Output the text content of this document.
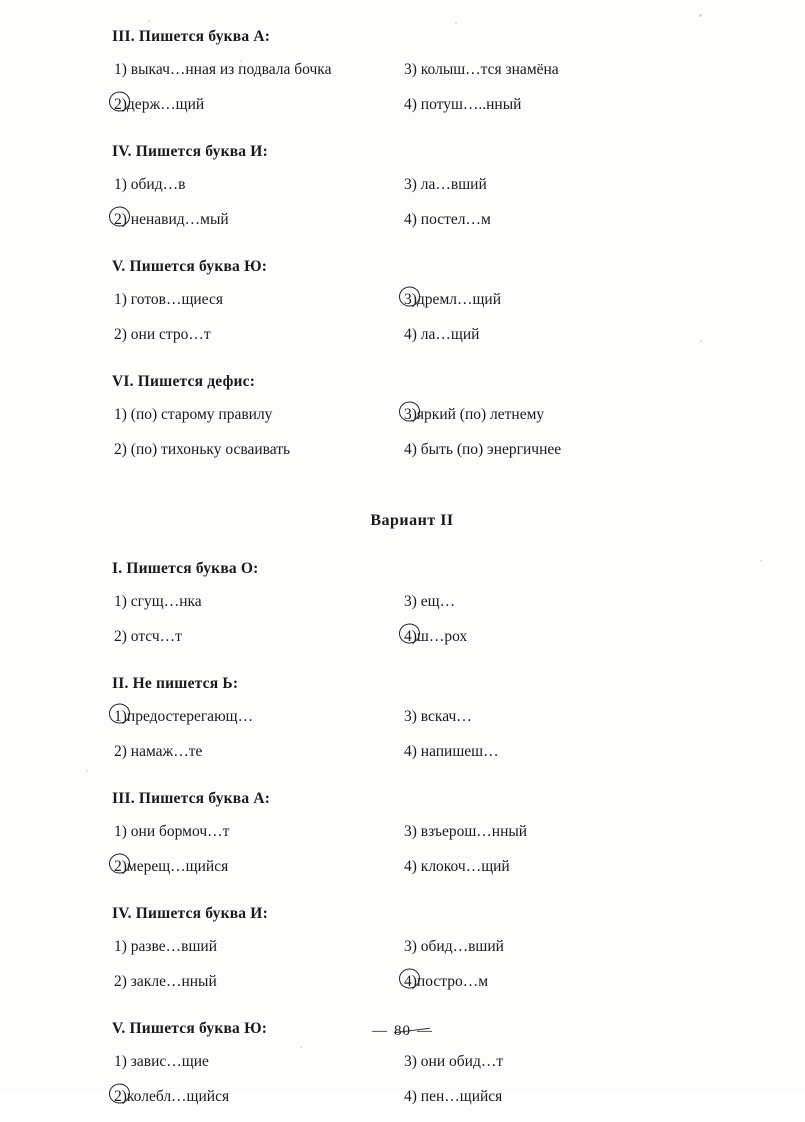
III. Пишется буква А:
1) выкач…нная из подвала бочка	3) колыш…тся знамёна
2)держ…щий	4) потуш…..нный
IV. Пишется буква И:
1) обид…в	3) ла…вший
2) ненавид…мый	4) постел…м
V. Пишется буква Ю:
1) готов…щиеся	3)дремл…щий
2) они стро…т	4) ла…щий
VI. Пишется дефис:
1) (по) старому правилу	3)яркий (по) летнему
2) (по) тихоньку осваивать	4) быть (по) энергичнее
Вариант II
I. Пишется буква О:
1) сгущ…нка	3) ещ…
2) отсч…т	4)ш…рох
II. Не пишется Ь:
1)предостерегающ…	3) вскач…
2) намаж…те	4) напишеш…
III. Пишется буква А:
1) они бормоч…т	3) взъерош…нный
2)мерещ…щийся	4) клокоч…щий
IV. Пишется буква И:
1) разве…вший	3) обид…вший
2) закле…нный	4)постро…м
V. Пишется буква Ю:
1) завис…щие	3) они обид…т
2)колебл…щийся	4) пен…щийся
— 80 —
